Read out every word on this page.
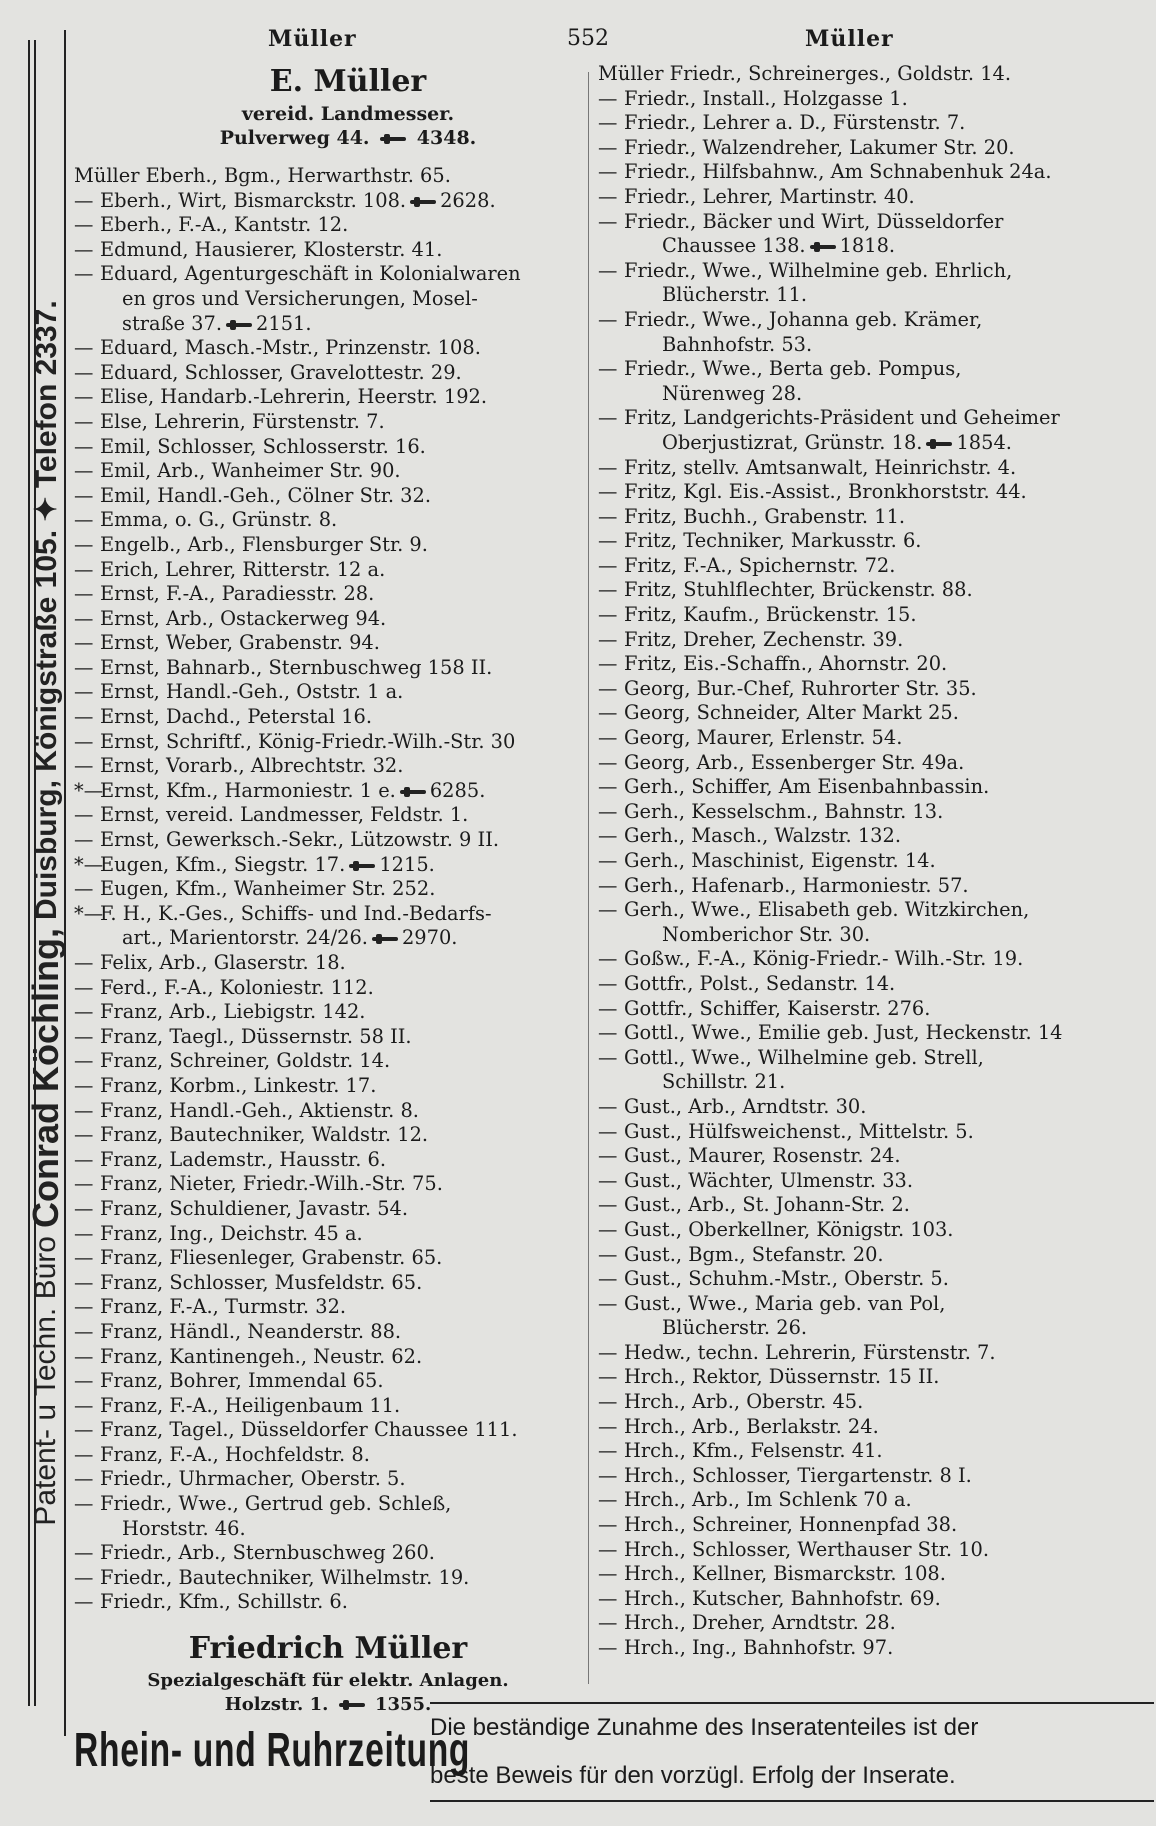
Patent- u Techn. Büro
Conrad Köchling,
Duisburg, Königstraße 105. ✦ Telefon 2337.
Müller	552	Müller
E. Müller
vereid. Landmesser.
Pulverweg 44. 4348.
Müller Eberh., Bgm., Herwarthstr. 65.
— Eberh., Wirt, Bismarckstr. 108. 2628.
— Eberh., F.-A., Kantstr. 12.
— Edmund, Hausierer, Klosterstr. 41.
— Eduard, Agenturgeschäft in Kolonialwaren
en gros und Versicherungen, Mosel-
straße 37. 2151.
— Eduard, Masch.-Mstr., Prinzenstr. 108.
— Eduard, Schlosser, Gravelottestr. 29.
— Elise, Handarb.-Lehrerin, Heerstr. 192.
— Else, Lehrerin, Fürstenstr. 7.
— Emil, Schlosser, Schlosserstr. 16.
— Emil, Arb., Wanheimer Str. 90.
— Emil, Handl.-Geh., Cölner Str. 32.
— Emma, o. G., Grünstr. 8.
— Engelb., Arb., Flensburger Str. 9.
— Erich, Lehrer, Ritterstr. 12 a.
— Ernst, F.-A., Paradiesstr. 28.
— Ernst, Arb., Ostackerweg 94.
— Ernst, Weber, Grabenstr. 94.
— Ernst, Bahnarb., Sternbuschweg 158 II.
— Ernst, Handl.-Geh., Oststr. 1 a.
— Ernst, Dachd., Peterstal 16.
— Ernst, Schriftf., König-Friedr.-Wilh.-Str. 30
— Ernst, Vorarb., Albrechtstr. 32.
*—Ernst, Kfm., Harmoniestr. 1 e. 6285.
— Ernst, vereid. Landmesser, Feldstr. 1.
— Ernst, Gewerksch.-Sekr., Lützowstr. 9 II.
*—Eugen, Kfm., Siegstr. 17. 1215.
— Eugen, Kfm., Wanheimer Str. 252.
*—F. H., K.-Ges., Schiffs- und Ind.-Bedarfs-
art., Marientorstr. 24/26. 2970.
— Felix, Arb., Glaserstr. 18.
— Ferd., F.-A., Koloniestr. 112.
— Franz, Arb., Liebigstr. 142.
— Franz, Taegl., Düssernstr. 58 II.
— Franz, Schreiner, Goldstr. 14.
— Franz, Korbm., Linkestr. 17.
— Franz, Handl.-Geh., Aktienstr. 8.
— Franz, Bautechniker, Waldstr. 12.
— Franz, Lademstr., Hausstr. 6.
— Franz, Nieter, Friedr.-Wilh.-Str. 75.
— Franz, Schuldiener, Javastr. 54.
— Franz, Ing., Deichstr. 45 a.
— Franz, Fliesenleger, Grabenstr. 65.
— Franz, Schlosser, Musfeldstr. 65.
— Franz, F.-A., Turmstr. 32.
— Franz, Händl., Neanderstr. 88.
— Franz, Kantinengeh., Neustr. 62.
— Franz, Bohrer, Immendal 65.
— Franz, F.-A., Heiligenbaum 11.
— Franz, Tagel., Düsseldorfer Chaussee 111.
— Franz, F.-A., Hochfeldstr. 8.
— Friedr., Uhrmacher, Oberstr. 5.
— Friedr., Wwe., Gertrud geb. Schleß,
Horststr. 46.
— Friedr., Arb., Sternbuschweg 260.
— Friedr., Bautechniker, Wilhelmstr. 19.
— Friedr., Kfm., Schillstr. 6.
Friedrich Müller
Spezialgeschäft für elektr. Anlagen.
Holzstr. 1.	1355.
Müller Friedr., Schreinerges., Goldstr. 14.
— Friedr., Install., Holzgasse 1.
— Friedr., Lehrer a. D., Fürstenstr. 7.
— Friedr., Walzendreher, Lakumer Str. 20.
— Friedr., Hilfsbahnw., Am Schnabenhuk 24a.
— Friedr., Lehrer, Martinstr. 40.
— Friedr., Bäcker und Wirt, Düsseldorfer
Chaussee 138. 1818.
— Friedr., Wwe., Wilhelmine geb. Ehrlich,
Blücherstr. 11.
— Friedr., Wwe., Johanna geb. Krämer,
Bahnhofstr. 53.
— Friedr., Wwe., Berta geb. Pompus,
Nürenweg 28.
— Fritz, Landgerichts-Präsident und Geheimer
Oberjustizrat, Grünstr. 18. 1854.
— Fritz, stellv. Amtsanwalt, Heinrichstr. 4.
— Fritz, Kgl. Eis.-Assist., Bronkhorststr. 44.
— Fritz, Buchh., Grabenstr. 11.
— Fritz, Techniker, Markusstr. 6.
— Fritz, F.-A., Spichernstr. 72.
— Fritz, Stuhlflechter, Brückenstr. 88.
— Fritz, Kaufm., Brückenstr. 15.
— Fritz, Dreher, Zechenstr. 39.
— Fritz, Eis.-Schaffn., Ahornstr. 20.
— Georg, Bur.-Chef, Ruhrorter Str. 35.
— Georg, Schneider, Alter Markt 25.
— Georg, Maurer, Erlenstr. 54.
— Georg, Arb., Essenberger Str. 49a.
— Gerh., Schiffer, Am Eisenbahnbassin.
— Gerh., Kesselschm., Bahnstr. 13.
— Gerh., Masch., Walzstr. 132.
— Gerh., Maschinist, Eigenstr. 14.
— Gerh., Hafenarb., Harmoniestr. 57.
— Gerh., Wwe., Elisabeth geb. Witzkirchen,
Nomberichor Str. 30.
— Goßw., F.-A., König-Friedr.- Wilh.-Str. 19.
— Gottfr., Polst., Sedanstr. 14.
— Gottfr., Schiffer, Kaiserstr. 276.
— Gottl., Wwe., Emilie geb. Just, Heckenstr. 14
— Gottl., Wwe., Wilhelmine geb. Strell,
Schillstr. 21.
— Gust., Arb., Arndtstr. 30.
— Gust., Hülfsweichenst., Mittelstr. 5.
— Gust., Maurer, Rosenstr. 24.
— Gust., Wächter, Ulmenstr. 33.
— Gust., Arb., St. Johann-Str. 2.
— Gust., Oberkellner, Königstr. 103.
— Gust., Bgm., Stefanstr. 20.
— Gust., Schuhm.-Mstr., Oberstr. 5.
— Gust., Wwe., Maria geb. van Pol,
Blücherstr. 26.
— Hedw., techn. Lehrerin, Fürstenstr. 7.
— Hrch., Rektor, Düssernstr. 15 II.
— Hrch., Arb., Oberstr. 45.
— Hrch., Arb., Berlakstr. 24.
— Hrch., Kfm., Felsenstr. 41.
— Hrch., Schlosser, Tiergartenstr. 8 I.
— Hrch., Arb., Im Schlenk 70 a.
— Hrch., Schreiner, Honnenpfad 38.
— Hrch., Schlosser, Werthauser Str. 10.
— Hrch., Kellner, Bismarckstr. 108.
— Hrch., Kutscher, Bahnhofstr. 69.
— Hrch., Dreher, Arndtstr. 28.
— Hrch., Ing., Bahnhofstr. 97.
Rhein- und Ruhrzeitung
Die beständige Zunahme des Inseratenteiles ist der
beste Beweis für den vorzügl. Erfolg der Inserate.
